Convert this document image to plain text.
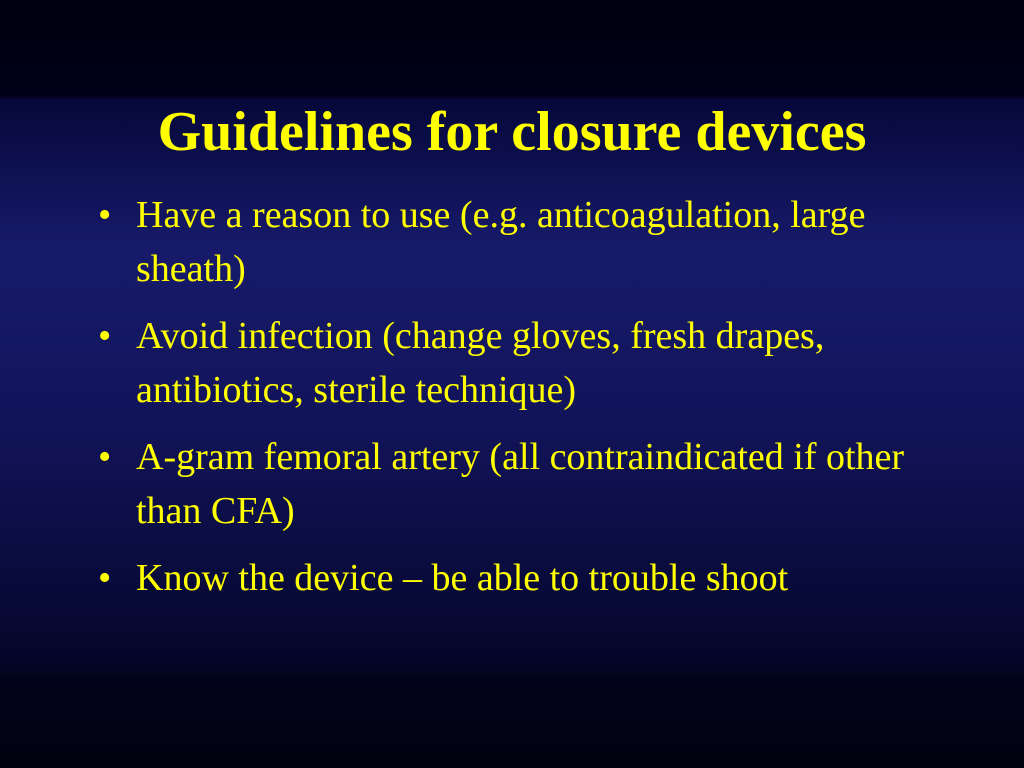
Guidelines for closure devices
• Have a reason to use (e.g. anticoagulation, large sheath)
• Avoid infection (change gloves, fresh drapes, antibiotics, sterile technique)
• A-gram femoral artery (all contraindicated if other than CFA)
• Know the device – be able to trouble shoot
